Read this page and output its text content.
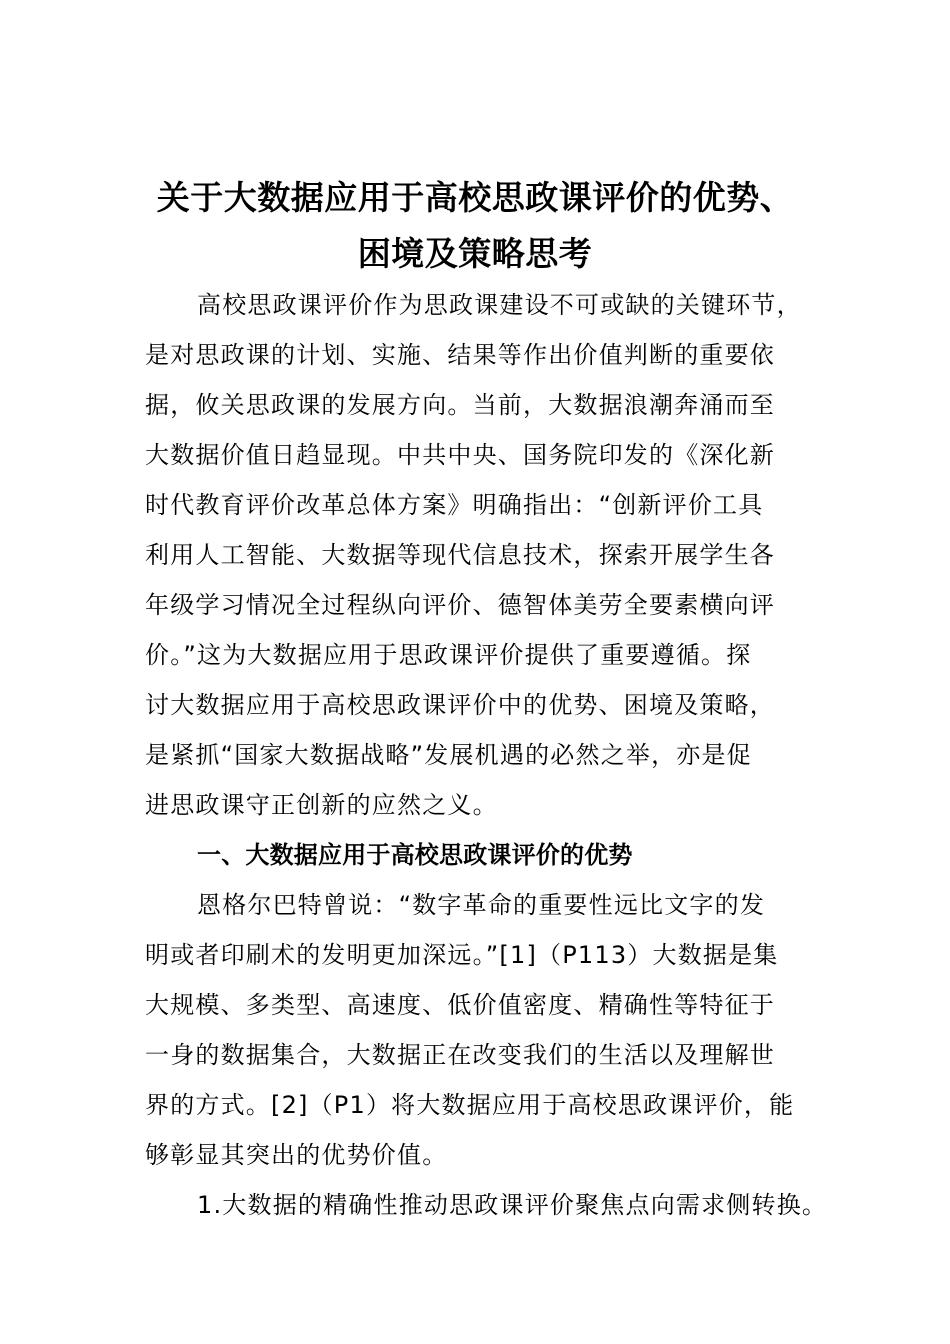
关于大数据应用于高校思政课评价的优势、
困境及策略思考
高校思政课评价作为思政课建设不可或缺的关键环节，
是对思政课的计划、实施、结果等作出价值判断的重要依
据，攸关思政课的发展方向。当前，大数据浪潮奔涌而至
大数据价值日趋显现。中共中央、国务院印发的《深化新
时代教育评价改革总体方案》明确指出：“创新评价工具
利用人工智能、大数据等现代信息技术，探索开展学生各
年级学习情况全过程纵向评价、德智体美劳全要素横向评
价。”这为大数据应用于思政课评价提供了重要遵循。探
讨大数据应用于高校思政课评价中的优势、困境及策略，
是紧抓“国家大数据战略”发展机遇的必然之举，亦是促
进思政课守正创新的应然之义。
一、大数据应用于高校思政课评价的优势
恩格尔巴特曾说：“数字革命的重要性远比文字的发
明或者印刷术的发明更加深远。”[1]（P113）大数据是集
大规模、多类型、高速度、低价值密度、精确性等特征于
一身的数据集合，大数据正在改变我们的生活以及理解世
界的方式。[2]（P1）将大数据应用于高校思政课评价，能
够彰显其突出的优势价值。
1.大数据的精确性推动思政课评价聚焦点向需求侧转换。
